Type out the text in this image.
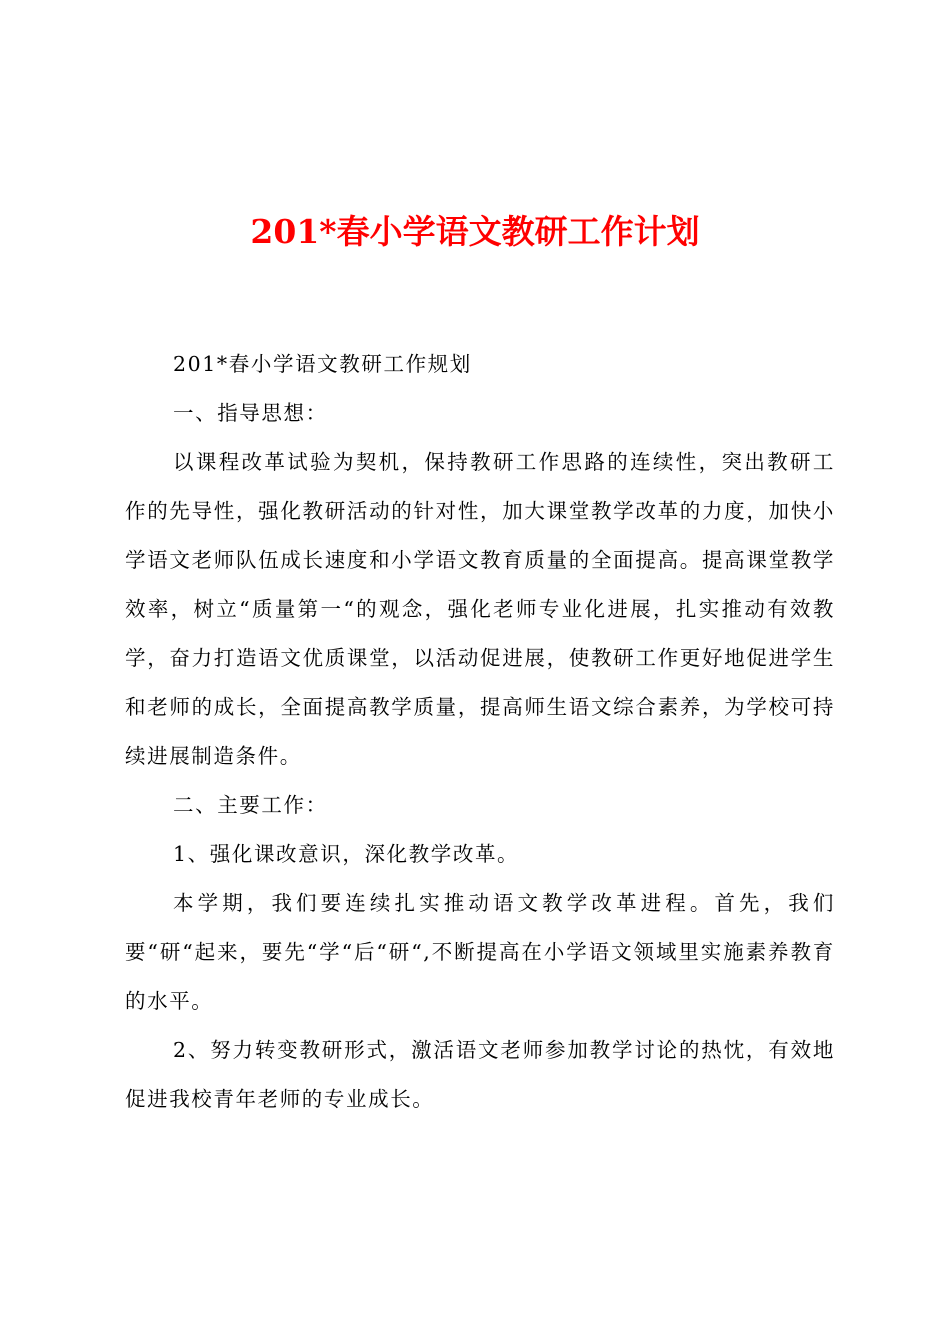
201*春小学语文教研工作计划

201*春小学语文教研工作规划

一、指导思想：

以课程改革试验为契机，保持教研工作思路的连续性，突出教研工作的先导性，强化教研活动的针对性，加大课堂教学改革的力度，加快小学语文老师队伍成长速度和小学语文教育质量的全面提高。提高课堂教学效率，树立“质量第一“的观念，强化老师专业化进展，扎实推动有效教学，奋力打造语文优质课堂，以活动促进展，使教研工作更好地促进学生和老师的成长，全面提高教学质量，提高师生语文综合素养，为学校可持续进展制造条件。

二、主要工作：

1、强化课改意识，深化教学改革。

本学期，我们要连续扎实推动语文教学改革进程。首先，我们要“研“起来，要先“学“后“研“,不断提高在小学语文领域里实施素养教育的水平。

2、努力转变教研形式，激活语文老师参加教学讨论的热忱，有效地促进我校青年老师的专业成长。
